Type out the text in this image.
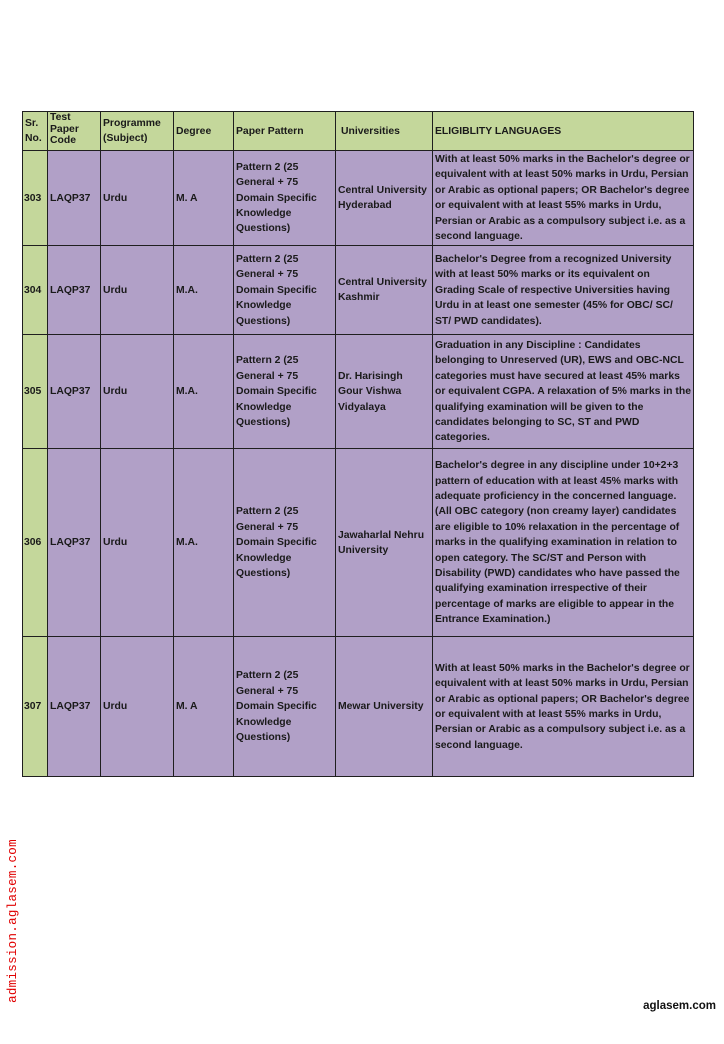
Sr. No.	Test Paper Code	Programme (Subject)	Degree	Paper Pattern	Universities	ELIGIBLITY LANGUAGES
303	LAQP37	Urdu	M. A	Pattern 2 (25 General + 75 Domain Specific Knowledge Questions)	Central University Hyderabad	With at least 50% marks in the Bachelor's degree or equivalent with at least 50% marks in Urdu, Persian or Arabic as optional papers; OR Bachelor's degree or equivalent with at least 55% marks in Urdu, Persian or Arabic as a compulsory subject i.e. as a second language.
304	LAQP37	Urdu	M.A.	Pattern 2 (25 General + 75 Domain Specific Knowledge Questions)	Central University Kashmir	Bachelor's Degree from a recognized University with at least 50% marks or its equivalent on Grading Scale of respective Universities having Urdu in at least one semester (45% for OBC/ SC/ ST/ PWD candidates).
305	LAQP37	Urdu	M.A.	Pattern 2 (25 General + 75 Domain Specific Knowledge Questions)	Dr. Harisingh Gour Vishwa Vidyalaya	Graduation in any Discipline : Candidates belonging to Unreserved (UR), EWS and OBC-NCL categories must have secured at least 45% marks or equivalent CGPA. A relaxation of 5% marks in the qualifying examination will be given to the candidates belonging to SC, ST and PWD categories.
306	LAQP37	Urdu	M.A.	Pattern 2 (25 General + 75 Domain Specific Knowledge Questions)	Jawaharlal Nehru University	Bachelor's degree in any discipline under 10+2+3 pattern of education with at least 45% marks with adequate proficiency in the concerned language. (All OBC category (non creamy layer) candidates are eligible to 10% relaxation in the percentage of marks in the qualifying examination in relation to open category. The SC/ST and Person with Disability (PWD) candidates who have passed the qualifying examination irrespective of their percentage of marks are eligible to appear in the Entrance Examination.)
307	LAQP37	Urdu	M. A	Pattern 2 (25 General + 75 Domain Specific Knowledge Questions)	Mewar University	With at least 50% marks in the Bachelor's degree or equivalent with at least 50% marks in Urdu, Persian or Arabic as optional papers; OR Bachelor's degree or equivalent with at least 55% marks in Urdu, Persian or Arabic as a compulsory subject i.e. as a second language.
admission.aglasem.com
aglasem.com
